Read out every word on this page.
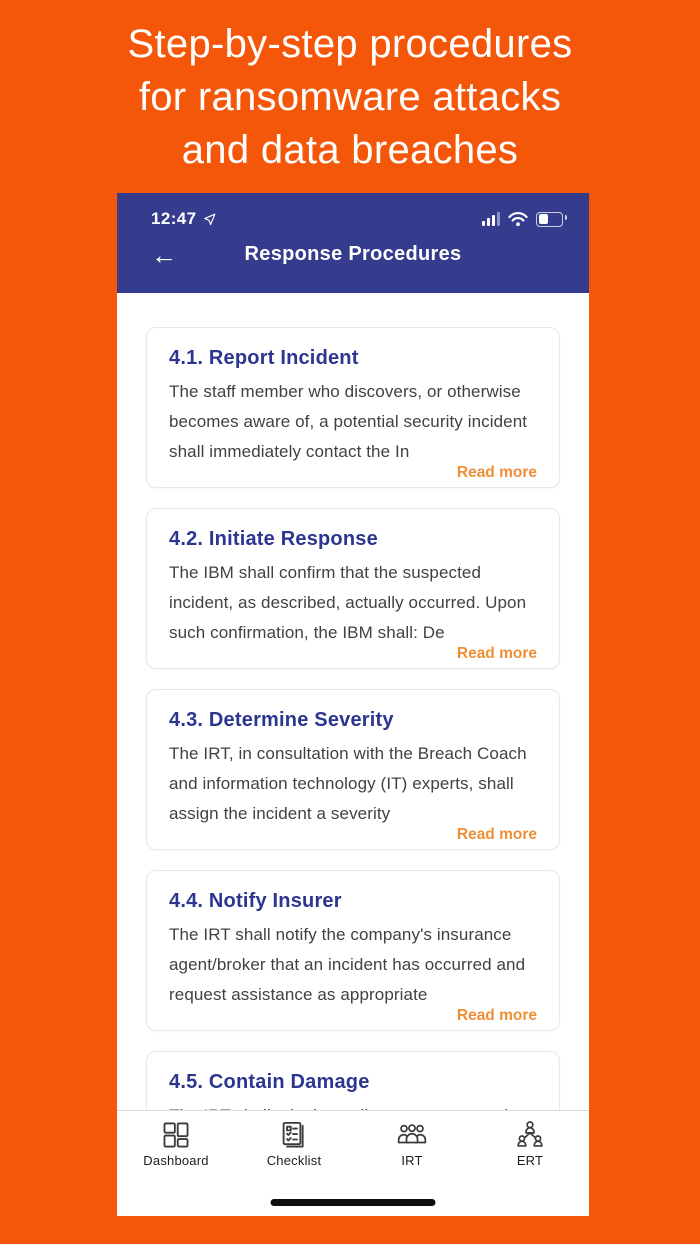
Step-by-step procedures
for ransomware attacks
and data breaches
12:47
←	Response Procedures
4.1. Report Incident
The staff member who discovers, or otherwise becomes aware of, a potential security incident shall immediately contact the In
Read more
4.2. Initiate Response
The IBM shall confirm that the suspected incident, as described, actually occurred. Upon such confirmation, the IBM shall: De
Read more
4.3. Determine Severity
The IRT, in consultation with the Breach Coach and information technology (IT) experts, shall assign the incident a severity
Read more
4.4. Notify Insurer
The IRT shall notify the company's insurance agent/broker that an incident has occurred and request assistance as appropriate
Read more
4.5. Contain Damage
Dashboard	Checklist	IRT	ERT
